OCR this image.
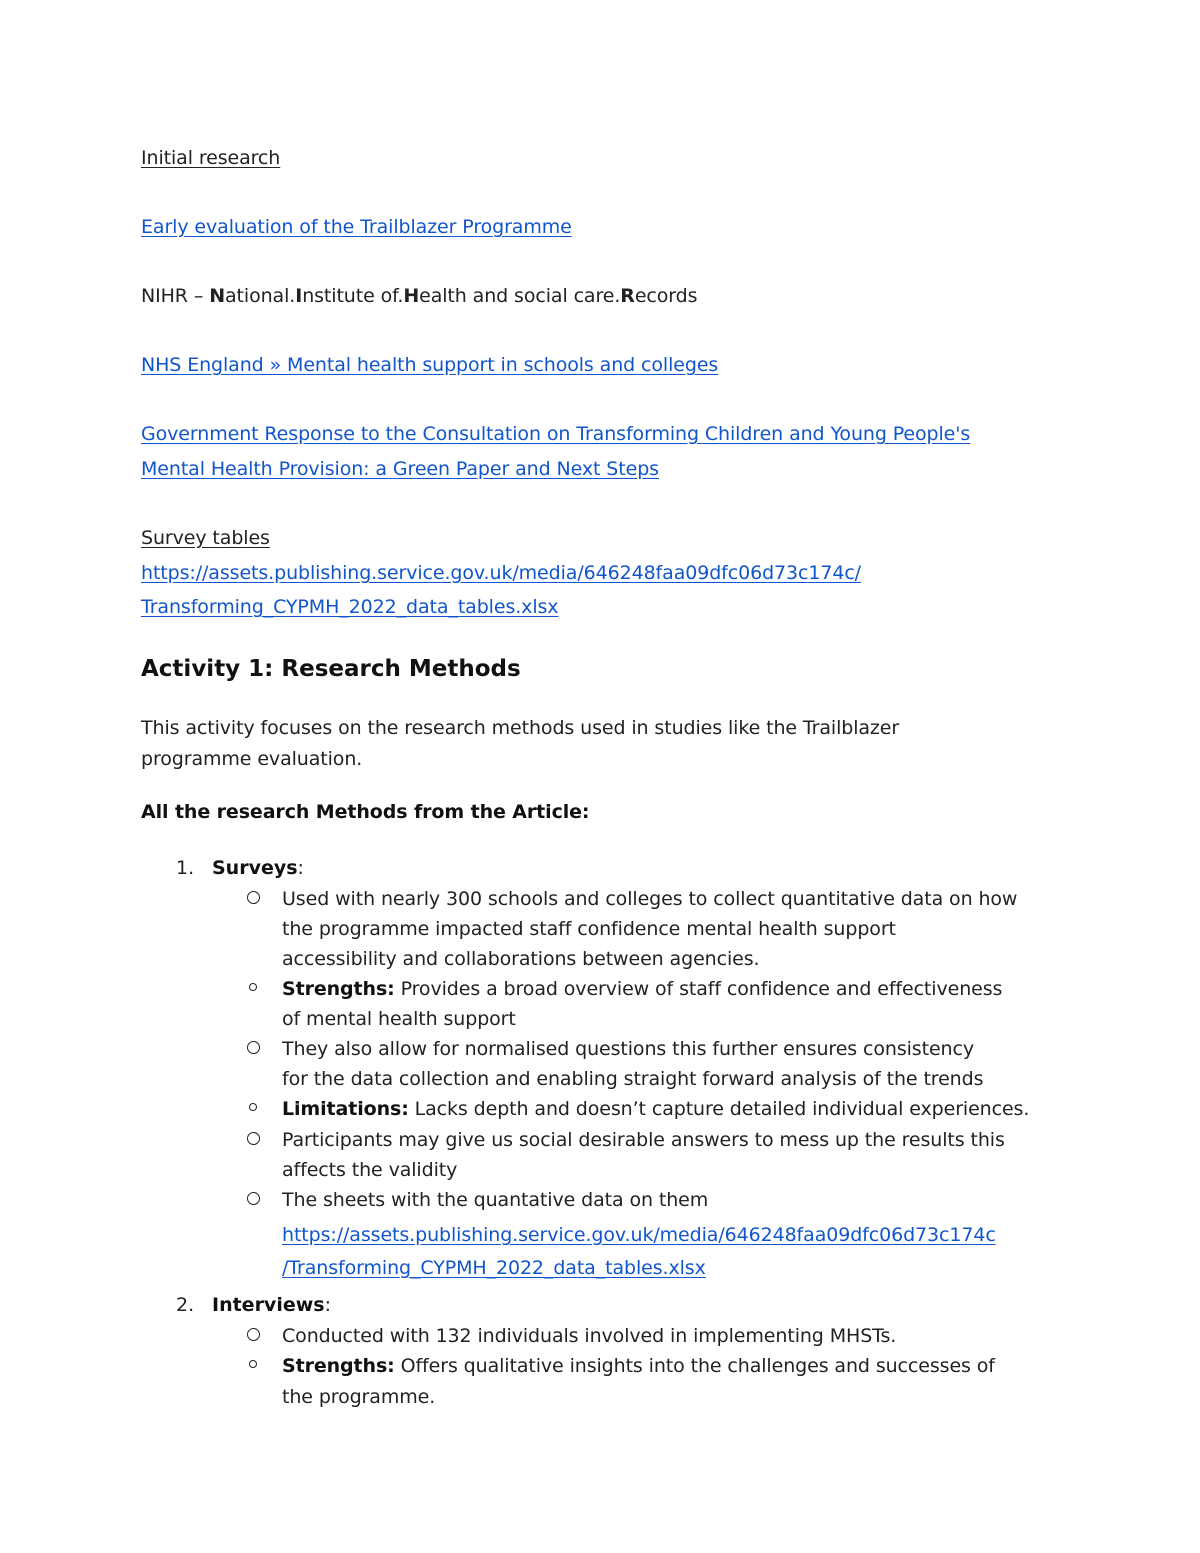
Initial research
Early evaluation of the Trailblazer Programme
NIHR – National.Institute of.Health and social care.Records
NHS England » Mental health support in schools and colleges
Government Response to the Consultation on Transforming Children and Young People's
Mental Health Provision: a Green Paper and Next Steps
Survey tables
https://assets.publishing.service.gov.uk/media/646248faa09dfc06d73c174c/
Transforming_CYPMH_2022_data_tables.xlsx
Activity 1: Research Methods
This activity focuses on the research methods used in studies like the Trailblazer
programme evaluation.
All the research Methods from the Article:
1. Surveys:
Used with nearly 300 schools and colleges to collect quantitative data on how
the programme impacted staff confidence mental health support
accessibility and collaborations between agencies.
Strengths: Provides a broad overview of staff confidence and effectiveness
of mental health support
They also allow for normalised questions this further ensures consistency
for the data collection and enabling straight forward analysis of the trends
Limitations: Lacks depth and doesn’t capture detailed individual experiences.
Participants may give us social desirable answers to mess up the results this
affects the validity
The sheets with the quantative data on them
https://assets.publishing.service.gov.uk/media/646248faa09dfc06d73c174c
/Transforming_CYPMH_2022_data_tables.xlsx
2. Interviews:
Conducted with 132 individuals involved in implementing MHSTs.
Strengths: Offers qualitative insights into the challenges and successes of
the programme.
